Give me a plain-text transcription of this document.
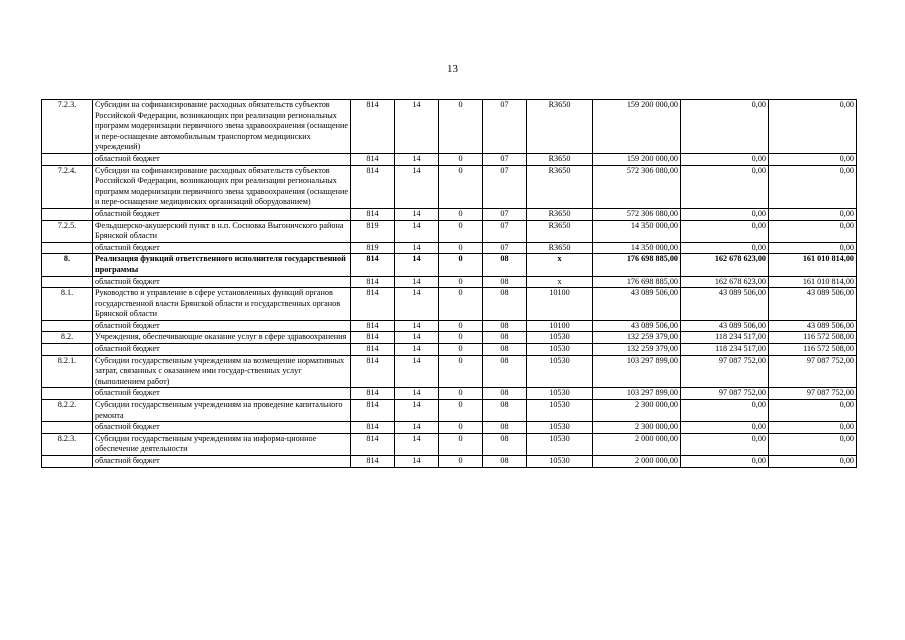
13
7.2.3.	Субсидии на софинансирование расходных обязательств субъектов Российской Федерации, возникающих при реализации региональных программ модернизации первичного звена здравоохранения (оснащение и пере-оснащение автомобильным транспортом медицинских учреждений)	814	14	0	07	R3650	159 200 000,00	0,00	0,00
	областной бюджет	814	14	0	07	R3650	159 200 000,00	0,00	0,00
7.2.4.	Субсидии на софинансирование расходных обязательств субъектов Российской Федерации, возникающих при реализации региональных программ модернизации первичного звена здравоохранения (оснащение и пере-оснащение медицинских организаций оборудованием)	814	14	0	07	R3650	572 306 080,00	0,00	0,00
	областной бюджет	814	14	0	07	R3650	572 306 080,00	0,00	0,00
7.2.5.	Фельдшерско-акушерский пункт в н.п. Сосновка Выгоничского района Брянской области	819	14	0	07	R3650	14 350 000,00	0,00	0,00
	областной бюджет	819	14	0	07	R3650	14 350 000,00	0,00	0,00
8.	Реализация функций ответственного исполнителя государственной программы	814	14	0	08	x	176 698 885,00	162 678 623,00	161 010 814,00
	областной бюджет	814	14	0	08	x	176 698 885,00	162 678 623,00	161 010 814,00
8.1.	Руководство и управление в сфере установленных функций органов государственной власти Брянской области и государственных органов Брянской области	814	14	0	08	10100	43 089 506,00	43 089 506,00	43 089 506,00
	областной бюджет	814	14	0	08	10100	43 089 506,00	43 089 506,00	43 089 506,00
8.2.	Учреждения, обеспечивающие оказание услуг в сфере здравоохранения	814	14	0	08	10530	132 259 379,00	118 234 517,00	116 572 508,00
	областной бюджет	814	14	0	08	10530	132 259 379,00	118 234 517,00	116 572 508,00
8.2.1.	Субсидии государственным учреждениям на возмещение нормативных затрат, связанных с оказанием ими государ-ственных услуг (выполнением работ)	814	14	0	08	10530	103 297 899,00	97 087 752,00	97 087 752,00
	областной бюджет	814	14	0	08	10530	103 297 899,00	97 087 752,00	97 087 752,00
8.2.2.	Субсидии государственным учреждениям на проведение капитального ремонта	814	14	0	08	10530	2 300 000,00	0,00	0,00
	областной бюджет	814	14	0	08	10530	2 300 000,00	0,00	0,00
8.2.3.	Субсидии государственным учреждениям на информа-ционное обеспечение деятельности	814	14	0	08	10530	2 000 000,00	0,00	0,00
	областной бюджет	814	14	0	08	10530	2 000 000,00	0,00	0,00
